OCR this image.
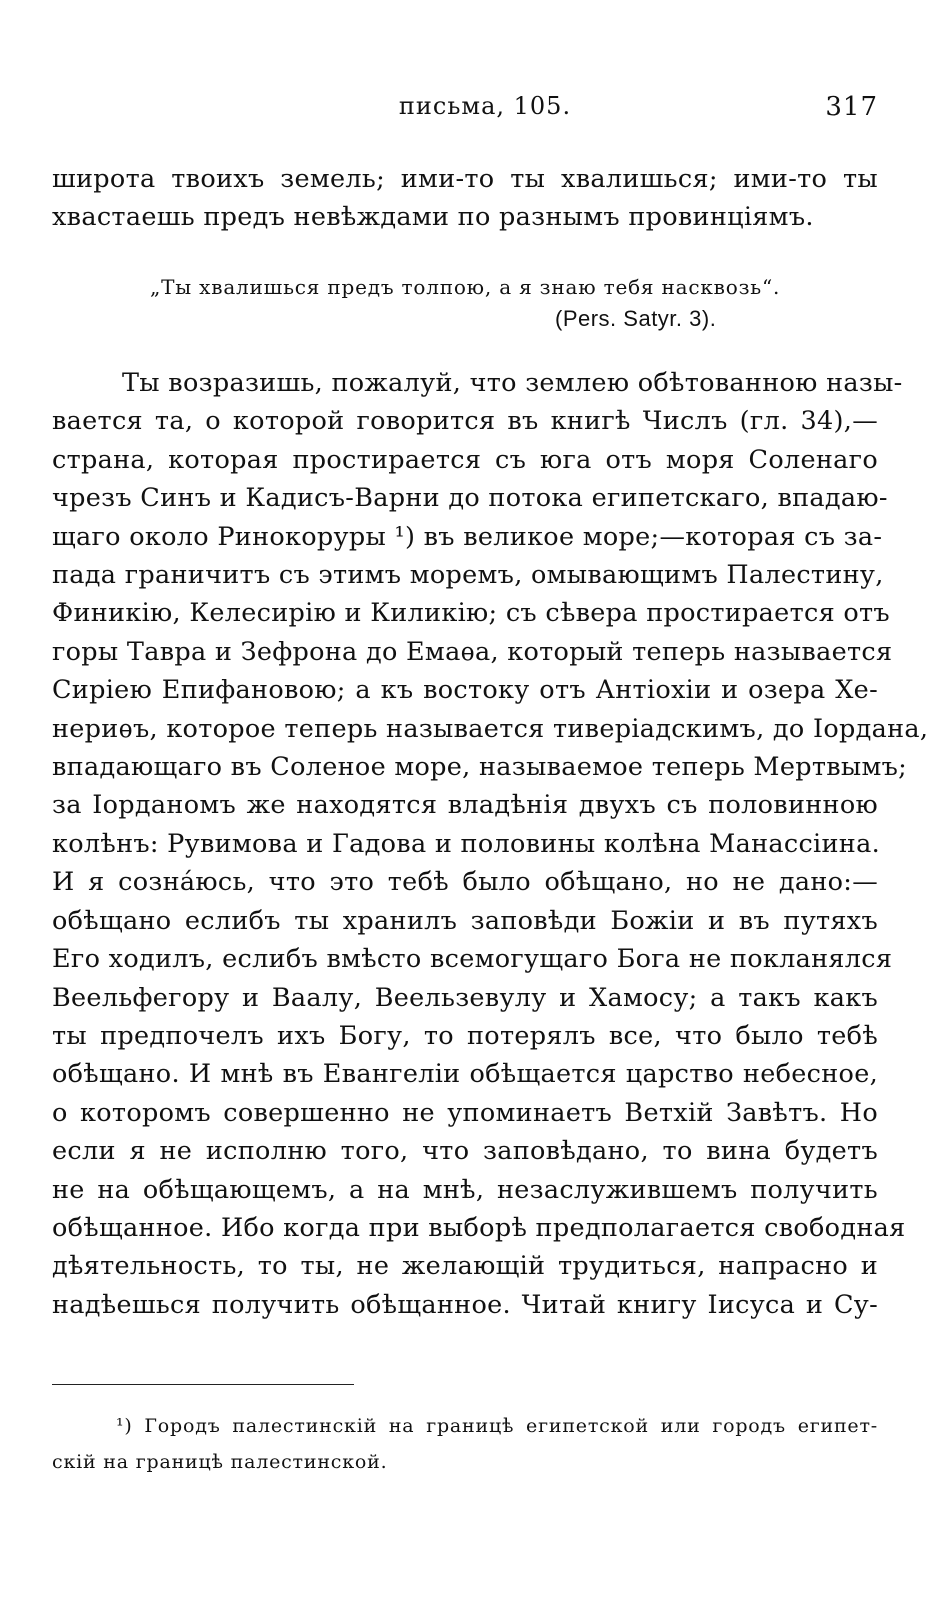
письма, 105.	317
широта твоихъ земель; ими-то ты хвалишься; ими-то ты
хвастаешь предъ невѣждами по разнымъ провинціямъ.
„Ты хвалишься предъ толпою, а я знаю тебя насквозь“.
(Pers. Satyr. 3).
Ты возразишь, пожалуй, что землею обѣтованною назы-
вается та, о которой говорится въ книгѣ Числъ (гл. 34),—
страна, которая простирается съ юга отъ моря Соленаго
чрезъ Синъ и Кадисъ-Варни до потока египетскаго, впадаю-
щаго около Ринокоруры ¹) въ великое море;—которая съ за-
пада граничитъ съ этимъ моремъ, омывающимъ Палестину,
Финикію, Келесирію и Киликію; съ сѣвера простирается отъ
горы Тавра и Зефрона до Емаѳа, который теперь называется
Сиріею Епифановою; а къ востоку отъ Антіохіи и озера Хе-
нериѳъ, которое теперь называется тиверіадскимъ, до Іордана,
впадающаго въ Соленое море, называемое теперь Мертвымъ;
за Іорданомъ же находятся владѣнія двухъ съ половинною
колѣнъ: Рувимова и Гадова и половины колѣна Манассіина.
И я сознáюсь, что это тебѣ было обѣщано, но не дано:—
обѣщано еслибъ ты хранилъ заповѣди Божіи и въ путяхъ
Его ходилъ, еслибъ вмѣсто всемогущаго Бога не покланялся
Веельфегору и Ваалу, Веельзевулу и Хамосу; а такъ какъ
ты предпочелъ ихъ Богу, то потерялъ все, что было тебѣ
обѣщано. И мнѣ въ Евангеліи обѣщается царство небесное,
о которомъ совершенно не упоминаетъ Ветхій Завѣтъ. Но
если я не исполню того, что заповѣдано, то вина будетъ
не на обѣщающемъ, а на мнѣ, незаслужившемъ получить
обѣщанное. Ибо когда при выборѣ предполагается свободная
дѣятельность, то ты, не желающій трудиться, напрасно и
надѣешься получить обѣщанное. Читай книгу Іисуса и Су-
¹) Городъ палестинскій на границѣ египетской или городъ египет-
скій на границѣ палестинской.
